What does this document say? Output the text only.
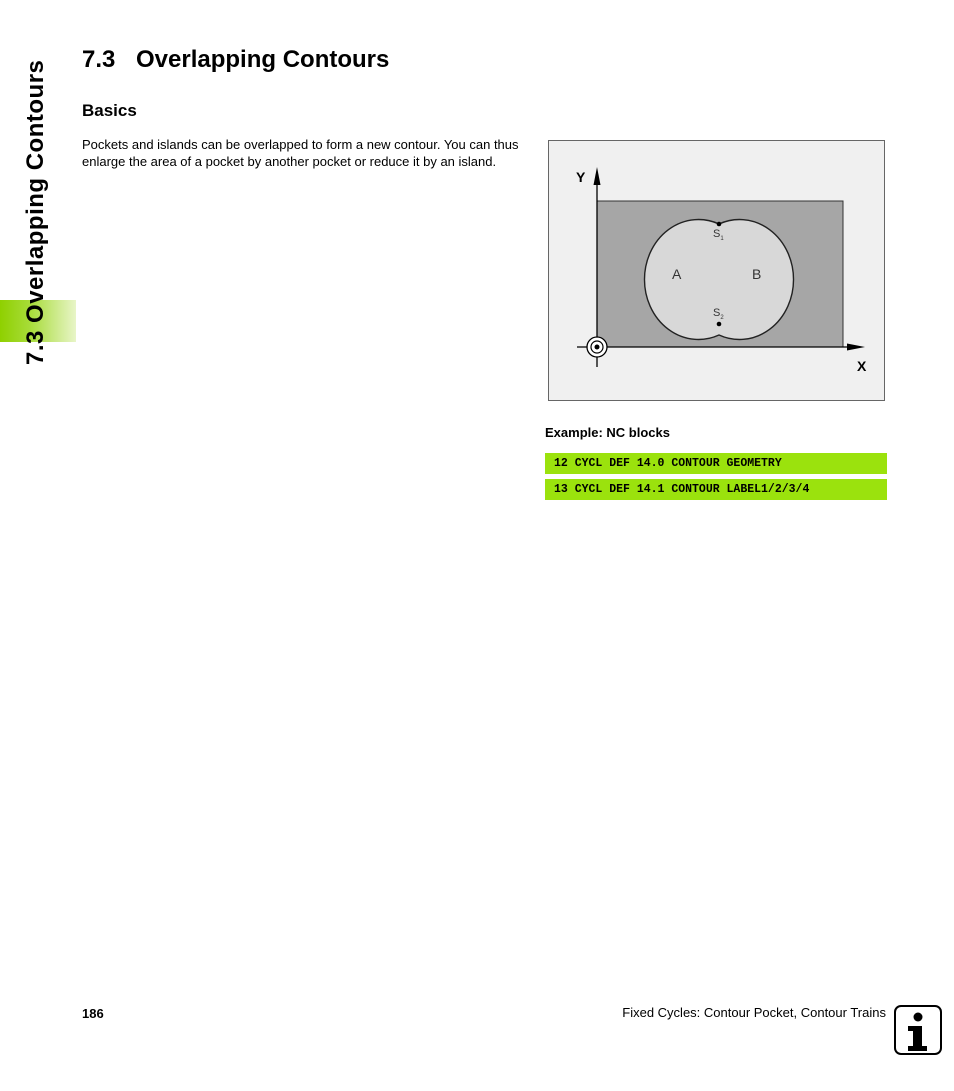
7.3 Overlapping Contours
7.3 Overlapping Contours
Basics

Pockets and islands can be overlapped to form a new contour. You can thus enlarge the area of a pocket by another pocket or reduce it by an island.

$S_1$
$S_2$
A	B
Y
X

Example: NC blocks

12 CYCL DEF 14.0 CONTOUR GEOMETRY
13 CYCL DEF 14.1 CONTOUR LABEL1/2/3/4
186	Fixed Cycles: Contour Pocket, Contour Trains
